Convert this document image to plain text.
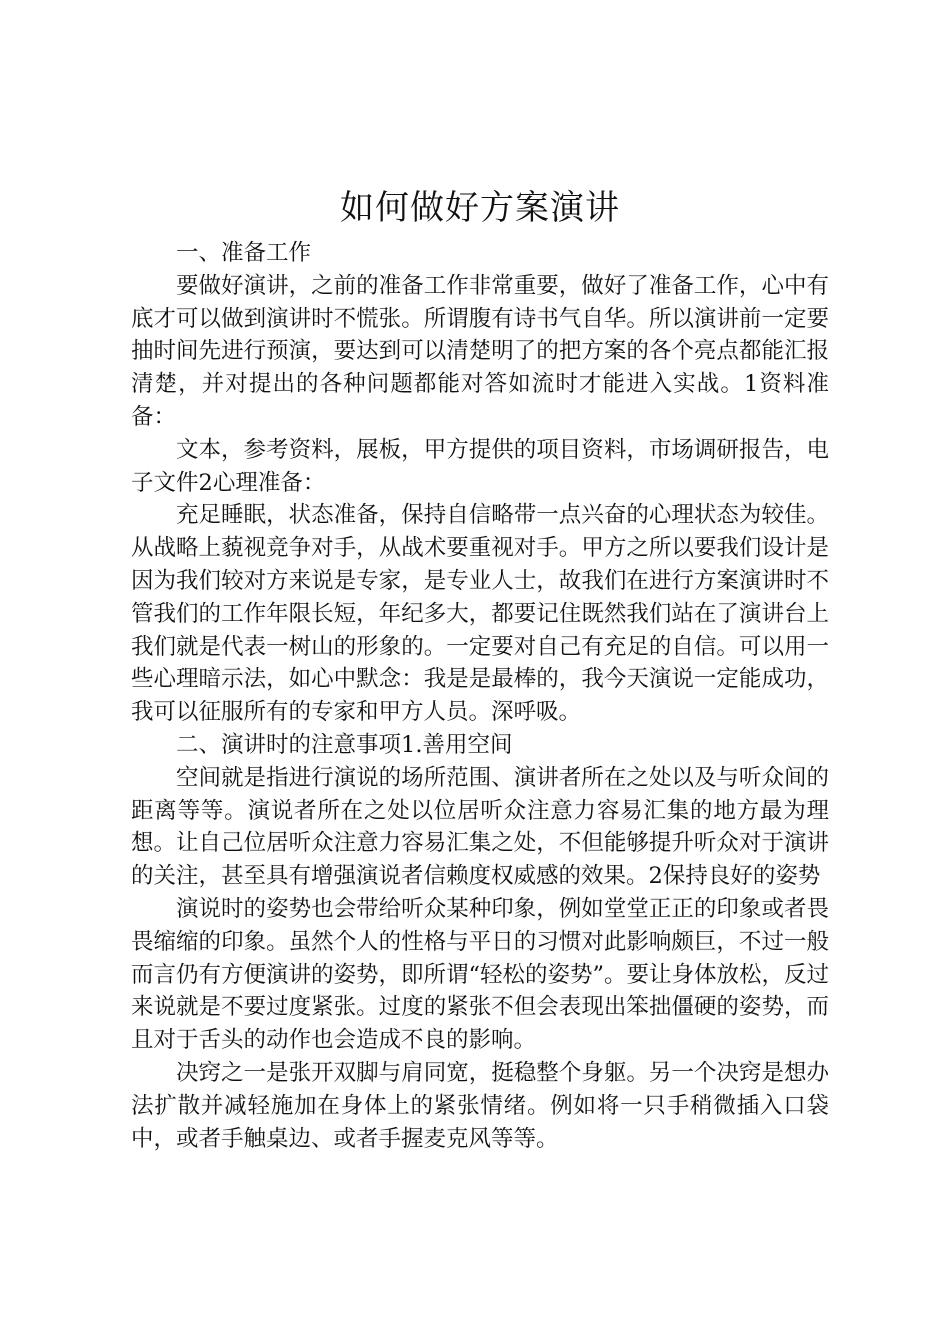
如何做好方案演讲

一、准备工作

要做好演讲，之前的准备工作非常重要，做好了准备工作，心中有底才可以做到演讲时不慌张。所谓腹有诗书气自华。所以演讲前一定要抽时间先进行预演，要达到可以清楚明了的把方案的各个亮点都能汇报清楚，并对提出的各种问题都能对答如流时才能进入实战。1资料准备：

文本，参考资料，展板，甲方提供的项目资料，市场调研报告，电子文件2心理准备：

充足睡眠，状态准备，保持自信略带一点兴奋的心理状态为较佳。从战略上藐视竞争对手，从战术要重视对手。甲方之所以要我们设计是因为我们较对方来说是专家，是专业人士，故我们在进行方案演讲时不管我们的工作年限长短，年纪多大，都要记住既然我们站在了演讲台上我们就是代表一树山的形象的。一定要对自己有充足的自信。可以用一些心理暗示法，如心中默念：我是是最棒的，我今天演说一定能成功，我可以征服所有的专家和甲方人员。深呼吸。

二、演讲时的注意事项1.善用空间

空间就是指进行演说的场所范围、演讲者所在之处以及与听众间的距离等等。演说者所在之处以位居听众注意力容易汇集的地方最为理想。让自己位居听众注意力容易汇集之处，不但能够提升听众对于演讲的关注，甚至具有增强演说者信赖度权威感的效果。2保持良好的姿势

演说时的姿势也会带给听众某种印象，例如堂堂正正的印象或者畏畏缩缩的印象。虽然个人的性格与平日的习惯对此影响颇巨，不过一般而言仍有方便演讲的姿势，即所谓“轻松的姿势”。要让身体放松，反过来说就是不要过度紧张。过度的紧张不但会表现出笨拙僵硬的姿势，而且对于舌头的动作也会造成不良的影响。

决窍之一是张开双脚与肩同宽，挺稳整个身躯。另一个决窍是想办法扩散并减轻施加在身体上的紧张情绪。例如将一只手稍微插入口袋中，或者手触桌边、或者手握麦克风等等。
